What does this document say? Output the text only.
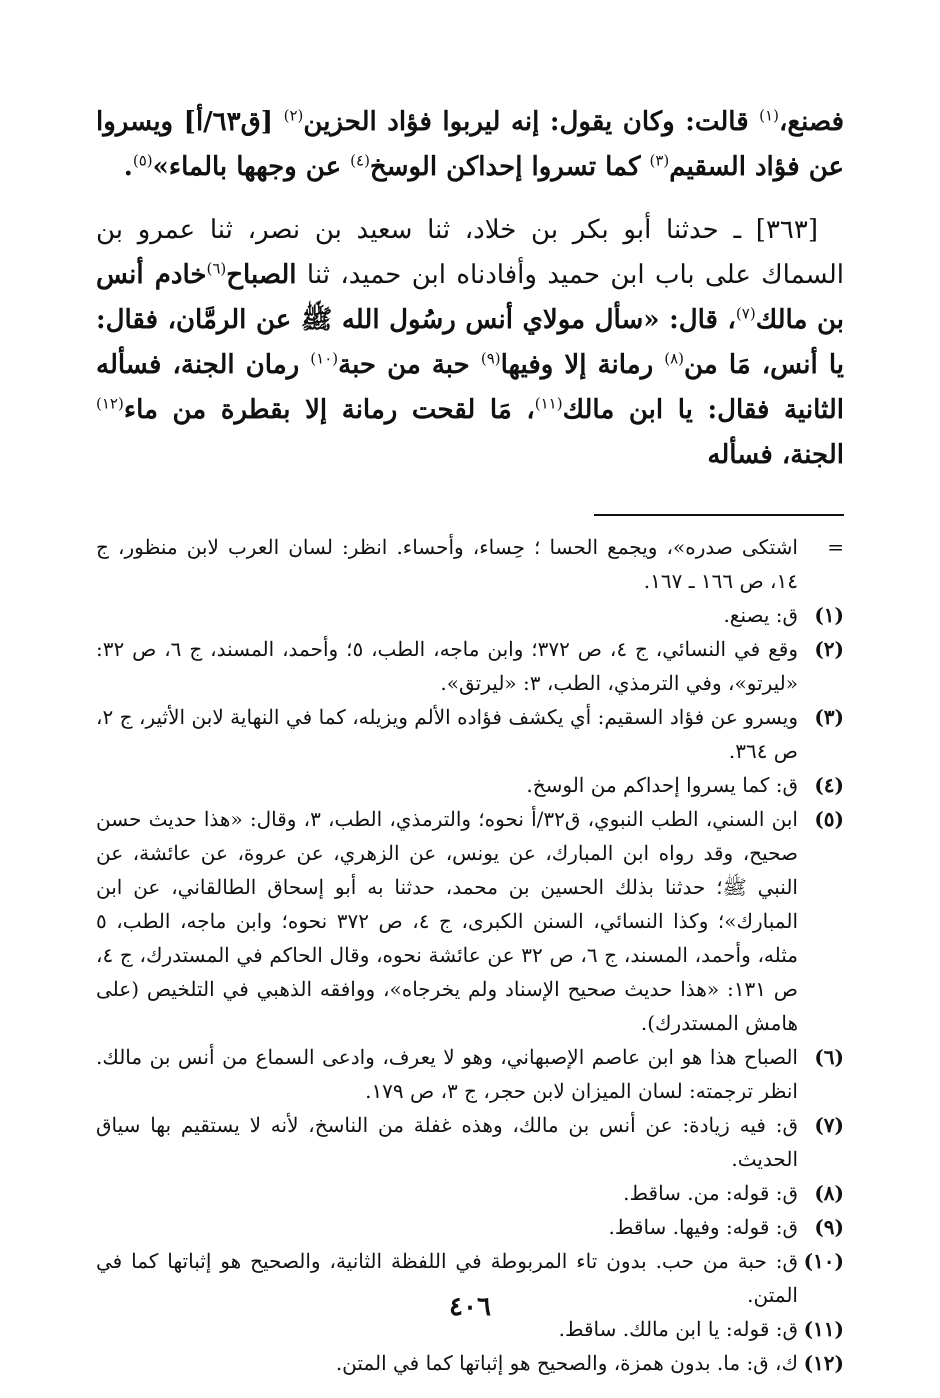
فصنع،$^{(١)}$ قالت: وكان يقول: إنه ليربوا فؤاد الحزين$^{(٢)}$ [ق٦٣/أ] ويسروا عن فؤاد السقيم$^{(٣)}$ كما تسروا إحداكن الوسخ$^{(٤)}$ عن وجهها بالماء»$^{(٥)}$.

[٣٦٣] ـ حدثنا أبو بكر بن خلاد، ثنا سعيد بن نصر، ثنا عمرو بن السماك على باب ابن حميد وأفادناه ابن حميد، ثنا الصباح$^{(٦)}$خادم أنس بن مالك$^{(٧)}$، قال: «سأل مولاي أنس رسُول الله ﷺ عن الرمَّان، فقال: يا أنس، مَا من$^{(٨)}$ رمانة إلا وفيها$^{(٩)}$ حبة من حبة$^{(١٠)}$ رمان الجنة، فسأله الثانية فقال: يا ابن مالك$^{(١١)}$، مَا لقحت رمانة إلا بقطرة من ماء$^{(١٢)}$ الجنة، فسأله

=
اشتكى صدره»، ويجمع الحسا ؛ حِساء، وأحساء. انظر: لسان العرب لابن منظور، ج ١٤، ص ١٦٦ ـ ١٦٧.
(١)
ق: يصنع.
(٢)
وقع في النسائي، ج ٤، ص ٣٧٢؛ وابن ماجه، الطب، ٥؛ وأحمد، المسند، ج ٦، ص ٣٢: «ليرتو»، وفي الترمذي، الطب، ٣: «ليرتق».
(٣)
ويسرو عن فؤاد السقيم: أي يكشف فؤاده الألم ويزيله، كما في النهاية لابن الأثير، ج ٢، ص ٣٦٤.
(٤)
ق: كما يسروا إحداكم من الوسخ.
(٥)
ابن السني، الطب النبوي، ق٣٢/أ نحوه؛ والترمذي، الطب، ٣، وقال: «هذا حديث حسن صحيح، وقد رواه ابن المبارك، عن يونس، عن الزهري، عن عروة، عن عائشة، عن النبي ﷺ؛ حدثنا بذلك الحسين بن محمد، حدثنا به أبو إسحاق الطالقاني، عن ابن المبارك»؛ وكذا النسائي، السنن الكبرى، ج ٤، ص ٣٧٢ نحوه؛ وابن ماجه، الطب، ٥ مثله، وأحمد، المسند، ج ٦، ص ٣٢ عن عائشة نحوه، وقال الحاكم في المستدرك، ج ٤، ص ١٣١: «هذا حديث صحيح الإسناد ولم يخرجاه»، ووافقه الذهبي في التلخيص (على هامش المستدرك).
(٦)
الصباح هذا هو ابن عاصم الإصبهاني، وهو لا يعرف، وادعى السماع من أنس بن مالك. انظر ترجمته: لسان الميزان لابن حجر، ج ٣، ص ١٧٩.
(٧)
ق: فيه زيادة: عن أنس بن مالك، وهذه غفلة من الناسخ، لأنه لا يستقيم بها سياق الحديث.
(٨)
ق: قوله: من. ساقط.
(٩)
ق: قوله: وفيها. ساقط.
(١٠)
ق: حبة من حب. بدون تاء المربوطة في اللفظة الثانية، والصحيح هو إثباتها كما في المتن.
(١١)
ق: قوله: يا ابن مالك. ساقط.
(١٢)
ك، ق: ما. بدون همزة، والصحيح هو إثباتها كما في المتن.
٤٠٦
